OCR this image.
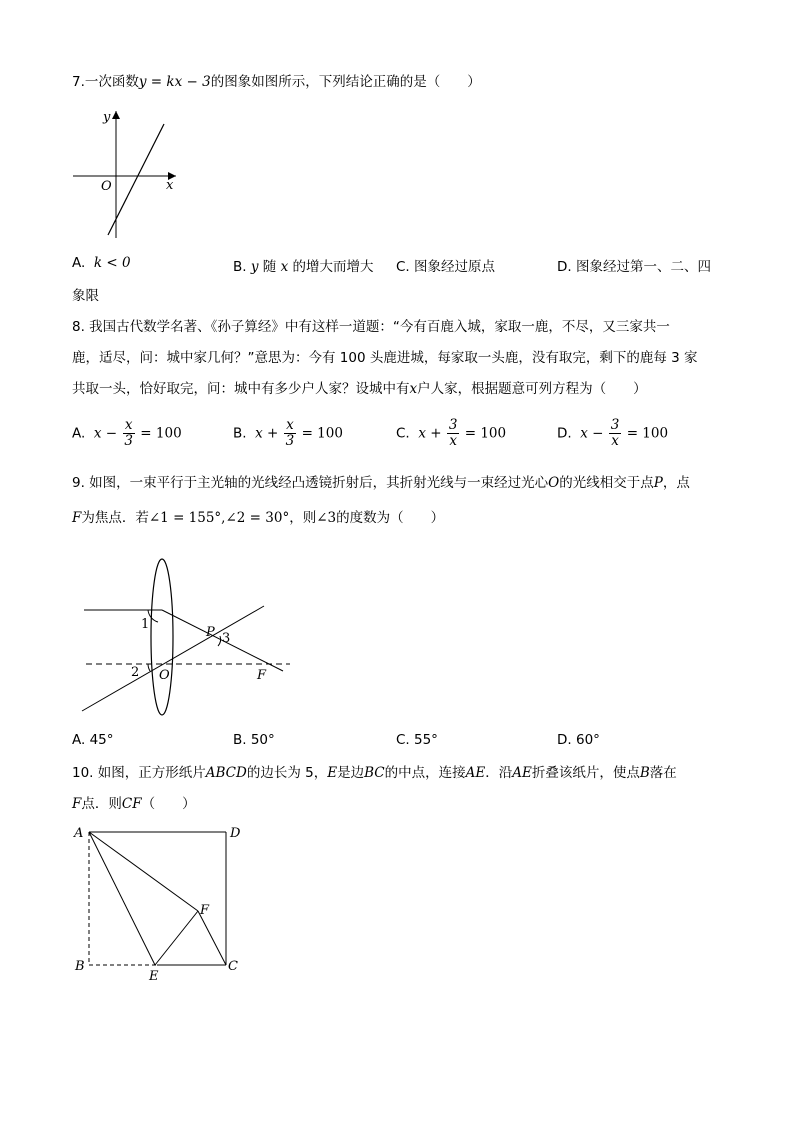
7.一次函数y = kx − 3的图象如图所示，下列结论正确的是（　　）
y
x
O
A. k < 0	B. y 随 x 的增大而增大 C. 图象经过原点	D. 图象经过第一、二、四
象限
8. 我国古代数学名著、《孙子算经》中有这样一道题：“今有百鹿入城，家取一鹿，不尽，又三家共一
鹿，适尽，问：城中家几何？”意思为：今有 100 头鹿进城，每家取一头鹿，没有取完，剩下的鹿每 3 家
共取一头，恰好取完，问：城中有多少户人家？设城中有x户人家，根据题意可列方程为（　　）
A. $x - \frac{x}{3} = 100$	B. $x + \frac{x}{3} = 100$	C. $x + \frac{3}{x} = 100$	D. $x - \frac{3}{x} = 100$
9. 如图，一束平行于主光轴的光线经凸透镜折射后，其折射光线与一束经过光心O的光线相交于点P，点
F为焦点．若∠1 = 155°,∠2 = 30°，则∠3的度数为（　　）
1
2
3
P
O	F
A. 45°	B. 50°	C. 55°	D. 60°
10. 如图，正方形纸片ABCD的边长为 5，E是边BC的中点，连接AE．沿AE折叠该纸片，使点B落在
F点．则CF（　　）
A	D
B	C
E
F
